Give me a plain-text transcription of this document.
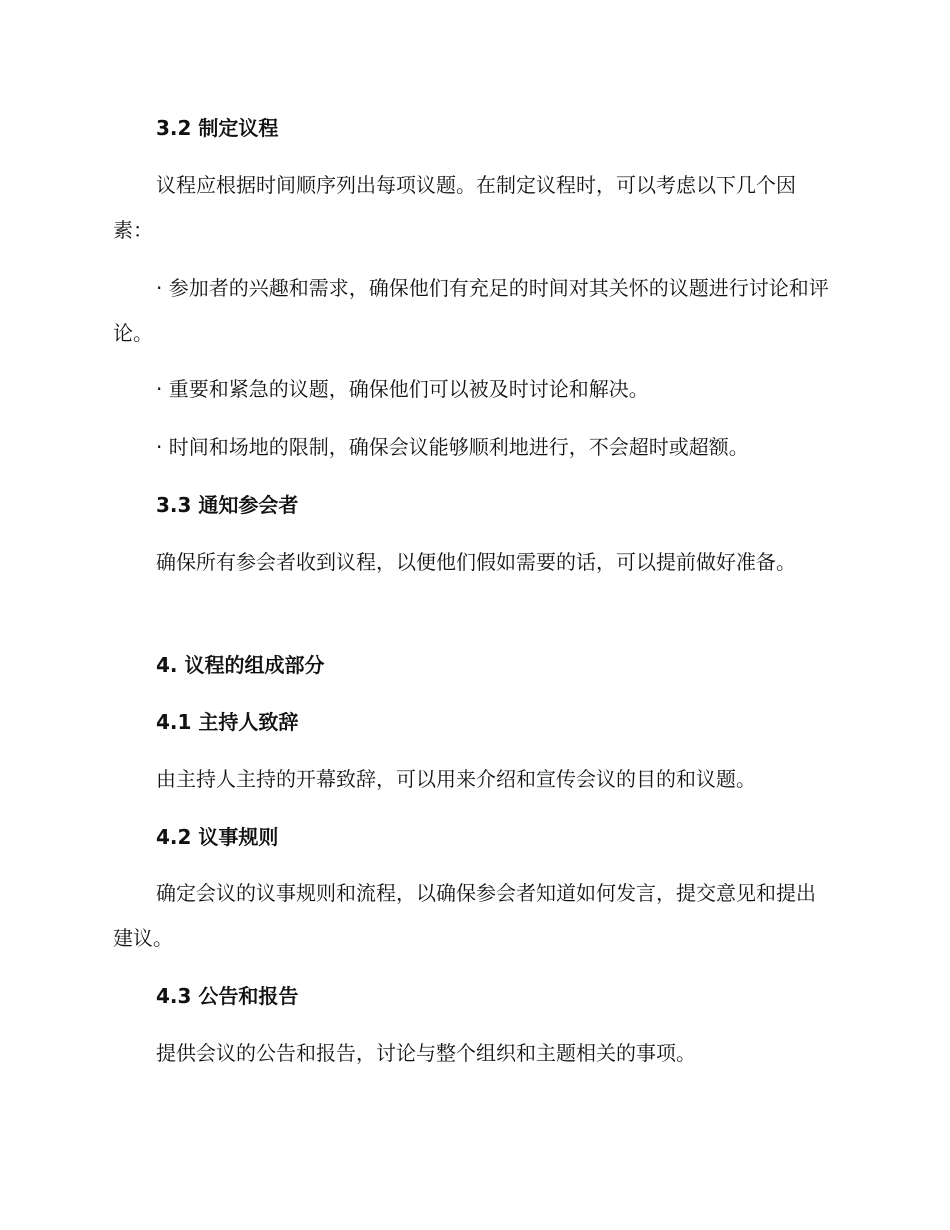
3.2 制定议程

议程应根据时间顺序列出每项议题。在制定议程时，可以考虑以下几个因素：

· 参加者的兴趣和需求，确保他们有充足的时间对其关怀的议题进行讨论和评论。

· 重要和紧急的议题，确保他们可以被及时讨论和解决。

· 时间和场地的限制，确保会议能够顺利地进行，不会超时或超额。

3.3 通知参会者

确保所有参会者收到议程，以便他们假如需要的话，可以提前做好准备。

4. 议程的组成部分

4.1 主持人致辞

由主持人主持的开幕致辞，可以用来介绍和宣传会议的目的和议题。

4.2 议事规则

确定会议的议事规则和流程，以确保参会者知道如何发言，提交意见和提出建议。

4.3 公告和报告

提供会议的公告和报告，讨论与整个组织和主题相关的事项。
